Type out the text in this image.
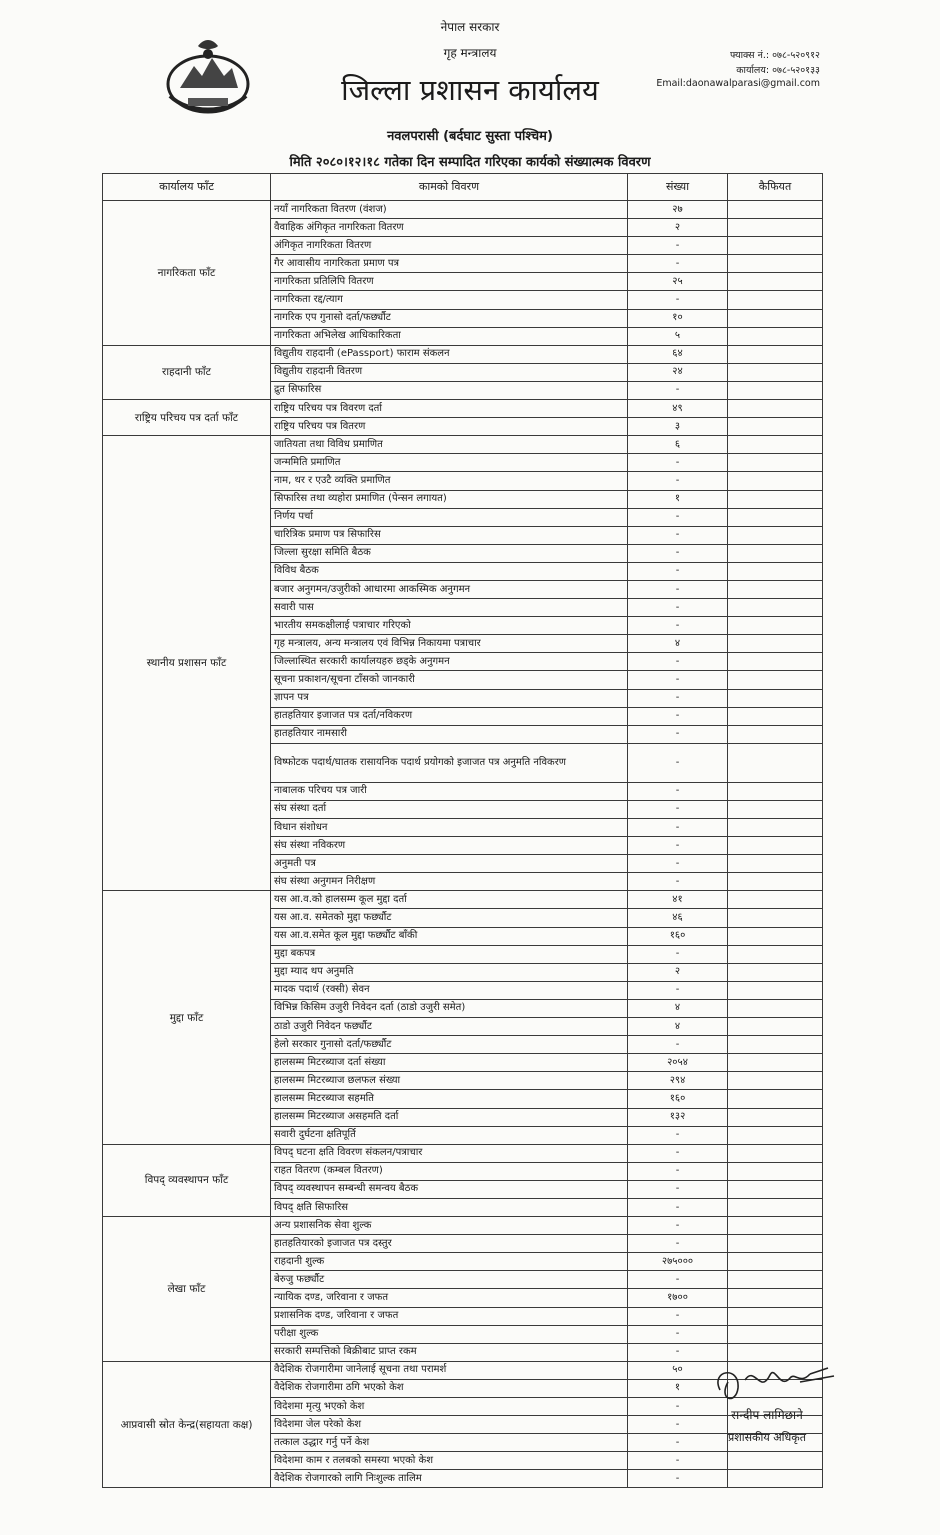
नेपाल सरकार
गृह मन्त्रालय
जिल्ला प्रशासन कार्यालय
नवलपरासी (बर्दघाट सुस्ता पश्चिम)
मिति २०८०।१२।१८ गतेका दिन सम्पादित गरिएका कार्यको संख्यात्मक विवरण
फ्याक्स नं.: ०७८-५२०९१२
कार्यालय: ०७८-५२०१३३
Email:daonawalparasi@gmail.com
कार्यालय फाँट	कामको विवरण	संख्या	कैफियत
नागरिकता फाँट	नयाँ नागरिकता वितरण (वंशज)	२७	
	वैवाहिक अंगिकृत नागरिकता वितरण	२	
	अंगिकृत नागरिकता वितरण	-	
	गैर आवासीय नागरिकता प्रमाण पत्र	-	
	नागरिकता प्रतिलिपि वितरण	२५	
	नागरिकता रद्द/त्याग	-	
	नागरिक एप गुनासो दर्ता/फर्छ्यौट	१०	
	नागरिकता अभिलेख आधिकारिकता	५	
राहदानी फाँट	विद्युतीय राहदानी (ePassport) फाराम संकलन	६४	
	विद्युतीय राहदानी वितरण	२४	
	द्रुत सिफारिस	-	
राष्ट्रिय परिचय पत्र दर्ता फाँट	राष्ट्रिय परिचय पत्र विवरण दर्ता	४९	
	राष्ट्रिय परिचय पत्र वितरण	३	
स्थानीय प्रशासन फाँट	जातियता तथा विविध प्रमाणित	६	
	जन्ममिति प्रमाणित	-	
	नाम, थर र एउटै व्यक्ति प्रमाणित	-	
	सिफारिस तथा व्यहोरा प्रमाणित (पेन्सन लगायत)	१	
	निर्णय पर्चा	-	
	चारित्रिक प्रमाण पत्र सिफारिस	-	
	जिल्ला सुरक्षा समिति बैठक	-	
	विविध बैठक	-	
	बजार अनुगमन/उजुरीको आधारमा आकस्मिक अनुगमन	-	
	सवारी पास	-	
	भारतीय समकक्षीलाई पत्राचार गरिएको	-	
	गृह मन्त्रालय, अन्य मन्त्रालय एवं विभिन्न निकायमा पत्राचार	४	
	जिल्लास्थित सरकारी कार्यालयहरु छड्के अनुगमन	-	
	सूचना प्रकाशन/सूचना टाँसको जानकारी	-	
	ज्ञापन पत्र	-	
	हातहतियार इजाजत पत्र दर्ता/नविकरण	-	
	हातहतियार नामसारी	-	
	विष्फोटक पदार्थ/घातक रासायनिक पदार्थ प्रयोगको इजाजत पत्र अनुमति नविकरण	-	
	नाबालक परिचय पत्र जारी	-	
	संघ संस्था दर्ता	-	
	विधान संशोधन	-	
	संघ संस्था नविकरण	-	
	अनुमती पत्र	-	
	संघ संस्था अनुगमन निरीक्षण	-	
मुद्दा फाँट	यस आ.व.को हालसम्म कूल मुद्दा दर्ता	४१	
	यस आ.व. समेतको मुद्दा फर्छ्यौट	४६	
	यस आ.व.समेत कूल मुद्दा फर्छ्यौट बाँकी	१६०	
	मुद्दा बकपत्र	-	
	मुद्दा म्याद थप अनुमति	२	
	मादक पदार्थ (रक्सी) सेवन	-	
	विभिन्न किसिम उजुरी निवेदन दर्ता (ठाडो उजुरी समेत)	४	
	ठाडो उजुरी निवेदन फर्छ्यौट	४	
	हेलो सरकार गुनासो दर्ता/फर्छ्यौट	-	
	हालसम्म मिटरब्याज दर्ता संख्या	२०५४	
	हालसम्म मिटरब्याज छलफल संख्या	२९४	
	हालसम्म मिटरब्याज सहमति	१६०	
	हालसम्म मिटरब्याज असहमति दर्ता	१३२	
	सवारी दुर्घटना क्षतिपूर्ति	-	
विपद् व्यवस्थापन फाँट	विपद् घटना क्षति विवरण संकलन/पत्राचार	-	
	राहत वितरण (कम्बल वितरण)	-	
	विपद् व्यवस्थापन सम्बन्धी समन्वय बैठक	-	
	विपद् क्षति सिफारिस	-	
लेखा फाँट	अन्य प्रशासनिक सेवा शुल्क	-	
	हातहतियारको इजाजत पत्र दस्तुर	-	
	राहदानी शुल्क	२७५०००	
	बेरुजु फर्छ्यौट	-	
	न्यायिक दण्ड, जरिवाना र जफत	१७००	
	प्रशासनिक दण्ड, जरिवाना र जफत	-	
	परीक्षा शुल्क	-	
	सरकारी सम्पत्तिको बिक्रीबाट प्राप्त रकम	-	
आप्रवासी स्रोत केन्द्र(सहायता कक्ष)	वैदेशिक रोजगारीमा जानेलाई सूचना तथा परामर्श	५०	
	वैदेशिक रोजगारीमा ठगि भएको केश	१	
	विदेशमा मृत्यु भएको केश	-	
	विदेशमा जेल परेको केश	-	
	तत्काल उद्धार गर्नु पर्ने केश	-	
	विदेशमा काम र तलबको समस्या भएको केश	-	
	वैदेशिक रोजगारको लागि निःशुल्क तालिम	-	
सन्दीप लामिछाने
प्रशासकीय अधिकृत
